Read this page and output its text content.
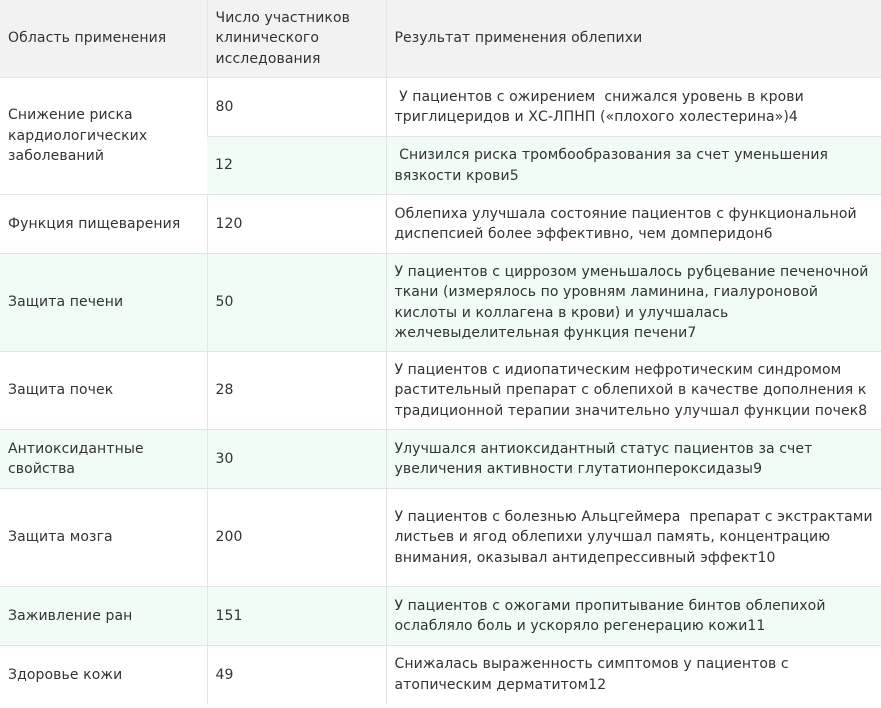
Область применения	Число участников клинического исследования	Результат применения облепихи
Снижение риска кардиологических заболеваний	80	У пациентов с ожирением  снижался уровень в крови триглицеридов и ХС-ЛПНП («плохого холестерина»)4
	12	Снизился риска тромбообразования за счет уменьшения вязкости крови5
Функция пищеварения	120	Облепиха улучшала состояние пациентов с функциональной диспепсией более эффективно, чем домперидон6
Защита печени	50	У пациентов с циррозом уменьшалось рубцевание печеночной ткани (измерялось по уровням ламинина, гиалуроновой кислоты и коллагена в крови) и улучшалась желчевыделительная функция печени7
Защита почек	28	У пациентов с идиопатическим нефротическим синдромом растительный препарат с облепихой в качестве дополнения к традиционной терапии значительно улучшал функции почек8
Антиоксидантные свойства	30	Улучшался антиоксидантный статус пациентов за счет увеличения активности глутатионпероксидазы9
Защита мозга	200	У пациентов с болезнью Альцгеймера  препарат с экстрактами листьев и ягод облепихи улучшал память, концентрацию внимания, оказывал антидепрессивный эффект10
Заживление ран	151	У пациентов с ожогами пропитывание бинтов облепихой ослабляло боль и ускоряло регенерацию кожи11
Здоровье кожи	49	Снижалась выраженность симптомов у пациентов с атопическим дерматитом12
